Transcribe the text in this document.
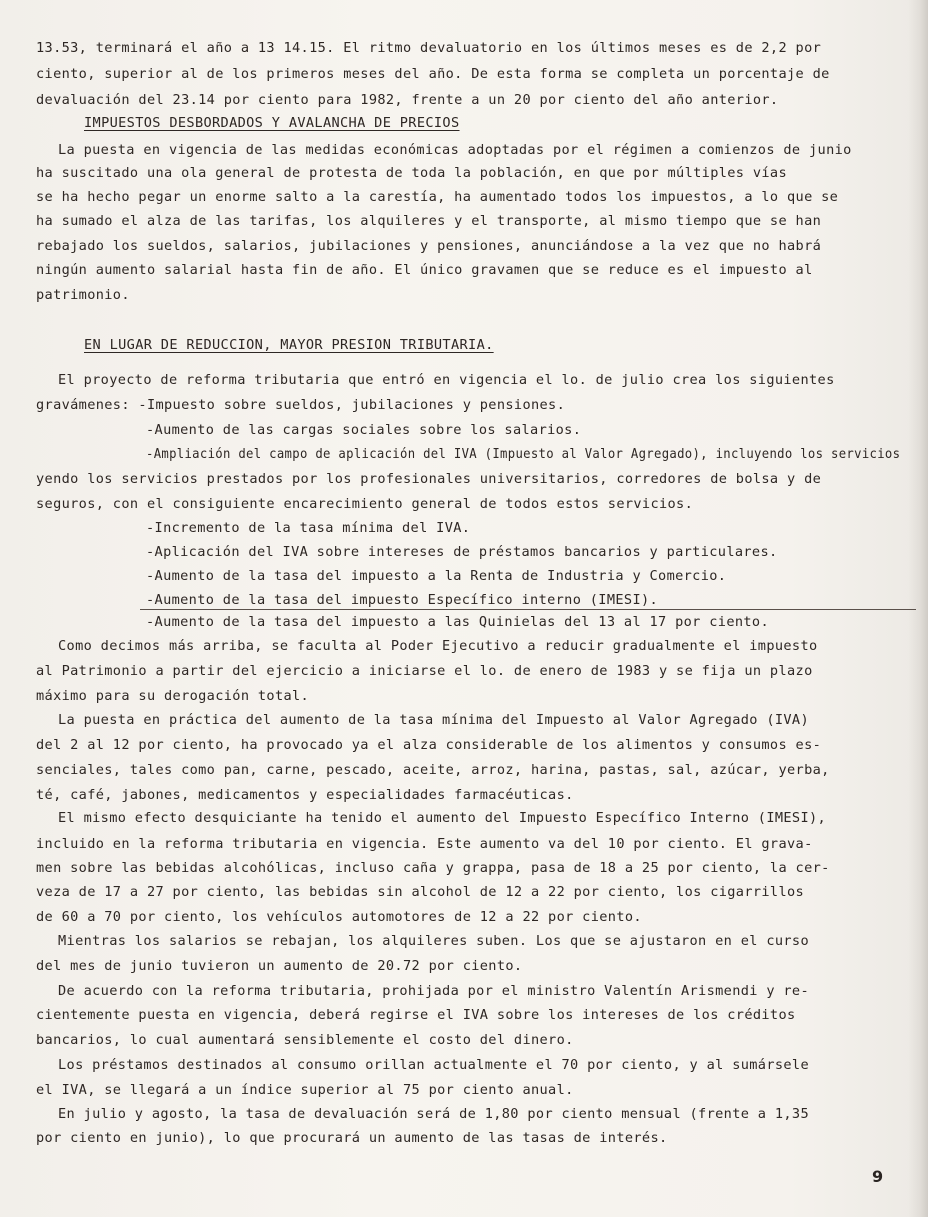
13.53, terminará el año a 13 14.15. El ritmo devaluatorio en los últimos meses es de 2,2 por
ciento, superior al de los primeros meses del año. De esta forma se completa un porcentaje de
devaluación del 23.14 por ciento para 1982, frente a un 20 por ciento del año anterior.
IMPUESTOS DESBORDADOS Y AVALANCHA DE PRECIOS
La puesta en vigencia de las medidas económicas adoptadas por el régimen a comienzos de junio
ha suscitado una ola general de protesta de toda la población, en que por múltiples vías
se ha hecho pegar un enorme salto a la carestía, ha aumentado todos los impuestos, a lo que se
ha sumado el alza de las tarifas, los alquileres y el transporte, al mismo tiempo que se han
rebajado los sueldos, salarios, jubilaciones y pensiones, anunciándose a la vez que no habrá
ningún aumento salarial hasta fin de año. El único gravamen que se reduce es el impuesto al
patrimonio.
EN LUGAR DE REDUCCION, MAYOR PRESION TRIBUTARIA.
El proyecto de reforma tributaria que entró en vigencia el lo. de julio crea los siguientes
gravámenes: -Impuesto sobre sueldos, jubilaciones y pensiones.
-Aumento de las cargas sociales sobre los salarios.
-Ampliación del campo de aplicación del IVA (Impuesto al Valor Agregado), incluyendo los servicios
yendo los servicios prestados por los profesionales universitarios, corredores de bolsa y de
seguros, con el consiguiente encarecimiento general de todos estos servicios.
-Incremento de la tasa mínima del IVA.
-Aplicación del IVA sobre intereses de préstamos bancarios y particulares.
-Aumento de la tasa del impuesto a la Renta de Industria y Comercio.
-Aumento de la tasa del impuesto Específico interno (IMESI).
-Aumento de la tasa del impuesto a las Quinielas del 13 al 17 por ciento.
Como decimos más arriba, se faculta al Poder Ejecutivo a reducir gradualmente el impuesto
al Patrimonio a partir del ejercicio a iniciarse el lo. de enero de 1983 y se fija un plazo
máximo para su derogación total.
La puesta en práctica del aumento de la tasa mínima del Impuesto al Valor Agregado (IVA)
del 2 al 12 por ciento, ha provocado ya el alza considerable de los alimentos y consumos es-
senciales, tales como pan, carne, pescado, aceite, arroz, harina, pastas, sal, azúcar, yerba,
té, café, jabones, medicamentos y especialidades farmacéuticas.
El mismo efecto desquiciante ha tenido el aumento del Impuesto Específico Interno (IMESI),
incluido en la reforma tributaria en vigencia. Este aumento va del 10 por ciento. El grava-
men sobre las bebidas alcohólicas, incluso caña y grappa, pasa de 18 a 25 por ciento, la cer-
veza de 17 a 27 por ciento, las bebidas sin alcohol de 12 a 22 por ciento, los cigarrillos
de 60 a 70 por ciento, los vehículos automotores de 12 a 22 por ciento.
Mientras los salarios se rebajan, los alquileres suben. Los que se ajustaron en el curso
del mes de junio tuvieron un aumento de 20.72 por ciento.
De acuerdo con la reforma tributaria, prohijada por el ministro Valentín Arismendi y re-
cientemente puesta en vigencia, deberá regirse el IVA sobre los intereses de los créditos
bancarios, lo cual aumentará sensiblemente el costo del dinero.
Los préstamos destinados al consumo orillan actualmente el 70 por ciento, y al sumársele
el IVA, se llegará a un índice superior al 75 por ciento anual.
En julio y agosto, la tasa de devaluación será de 1,80 por ciento mensual (frente a 1,35
por ciento en junio), lo que procurará un aumento de las tasas de interés.
9
